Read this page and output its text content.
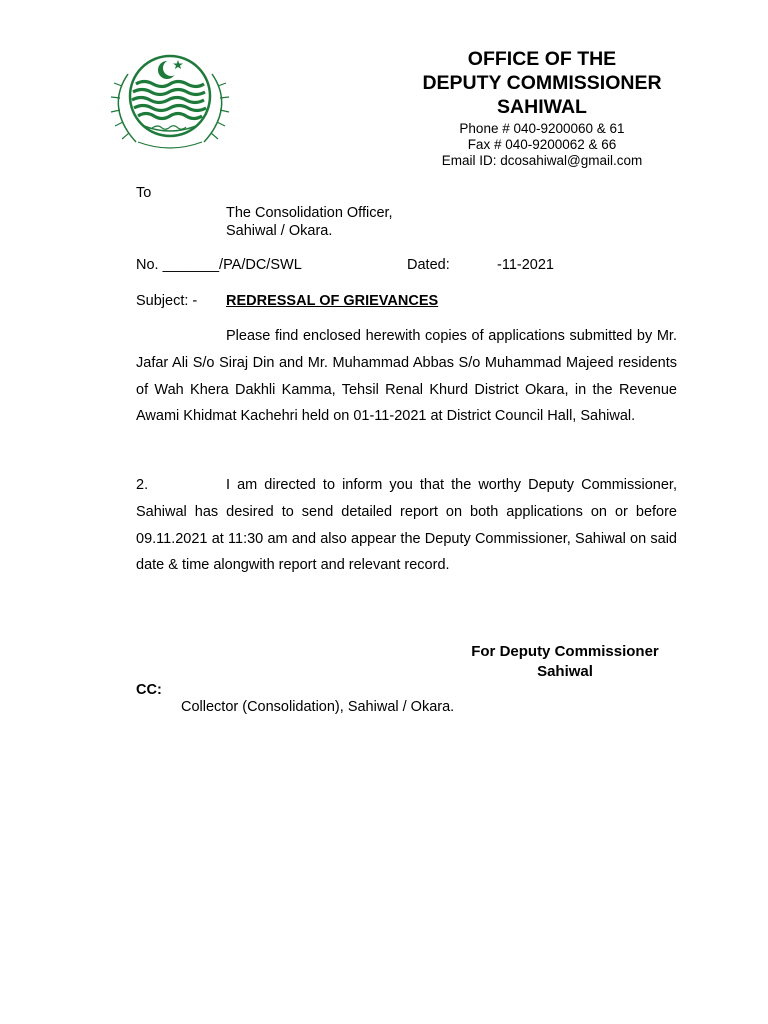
OFFICE OF THE
DEPUTY COMMISSIONER
SAHIWAL
Phone # 040-9200060 & 61
Fax # 040-9200062 & 66
Email ID: dcosahiwal@gmail.com
To
The Consolidation Officer,
Sahiwal / Okara.
No. _______/PA/DC/SWL	Dated:	-11-2021
Subject: - REDRESSAL OF GRIEVANCES
Please find enclosed herewith copies of applications submitted by Mr. Jafar Ali S/o Siraj Din and Mr. Muhammad Abbas S/o Muhammad Majeed residents of Wah Khera Dakhli Kamma, Tehsil Renal Khurd District Okara, in the Revenue Awami Khidmat Kachehri held on 01-11-2021 at District Council Hall, Sahiwal.
2.	I am directed to inform you that the worthy Deputy Commissioner, Sahiwal has desired to send detailed report on both applications on or before 09.11.2021 at 11:30 am and also appear the Deputy Commissioner, Sahiwal on said date & time alongwith report and relevant record.
For Deputy Commissioner
Sahiwal
CC:
Collector (Consolidation), Sahiwal / Okara.
